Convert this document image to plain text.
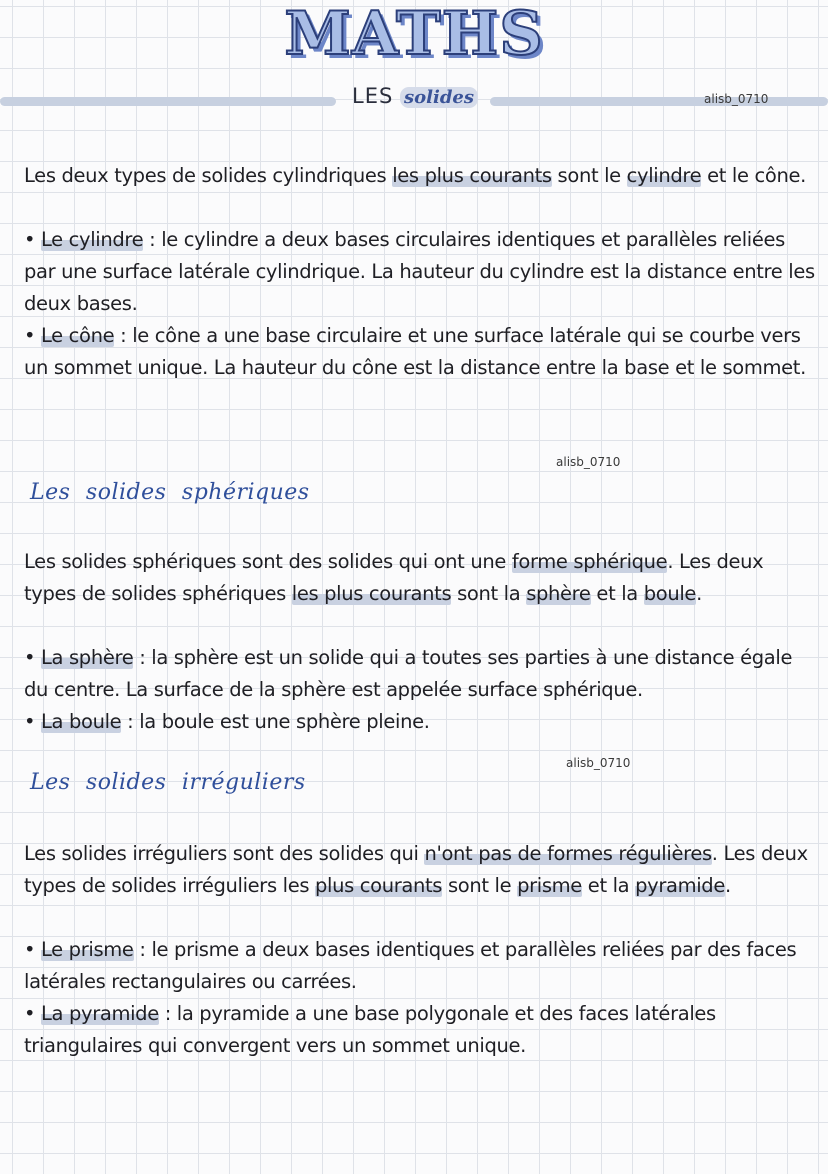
MATHS
LES solides	alisb_0710

Les deux types de solides cylindriques les plus courants sont le cylindre et le cône.

• Le cylindre : le cylindre a deux bases circulaires identiques et parallèles reliées par une surface latérale cylindrique. La hauteur du cylindre est la distance entre les deux bases.

• Le cône : le cône a une base circulaire et une surface latérale qui se courbe vers un sommet unique. La hauteur du cône est la distance entre la base et le sommet.

alisb_0710
Les solides sphériques

Les solides sphériques sont des solides qui ont une forme sphérique. Les deux types de solides sphériques les plus courants sont la sphère et la boule.

• La sphère : la sphère est un solide qui a toutes ses parties à une distance égale du centre. La surface de la sphère est appelée surface sphérique.

• La boule : la boule est une sphère pleine.

alisb_0710
Les solides irréguliers

Les solides irréguliers sont des solides qui n'ont pas de formes régulières. Les deux types de solides irréguliers les plus courants sont le prisme et la pyramide.

• Le prisme : le prisme a deux bases identiques et parallèles reliées par des faces latérales rectangulaires ou carrées.

• La pyramide : la pyramide a une base polygonale et des faces latérales triangulaires qui convergent vers un sommet unique.
